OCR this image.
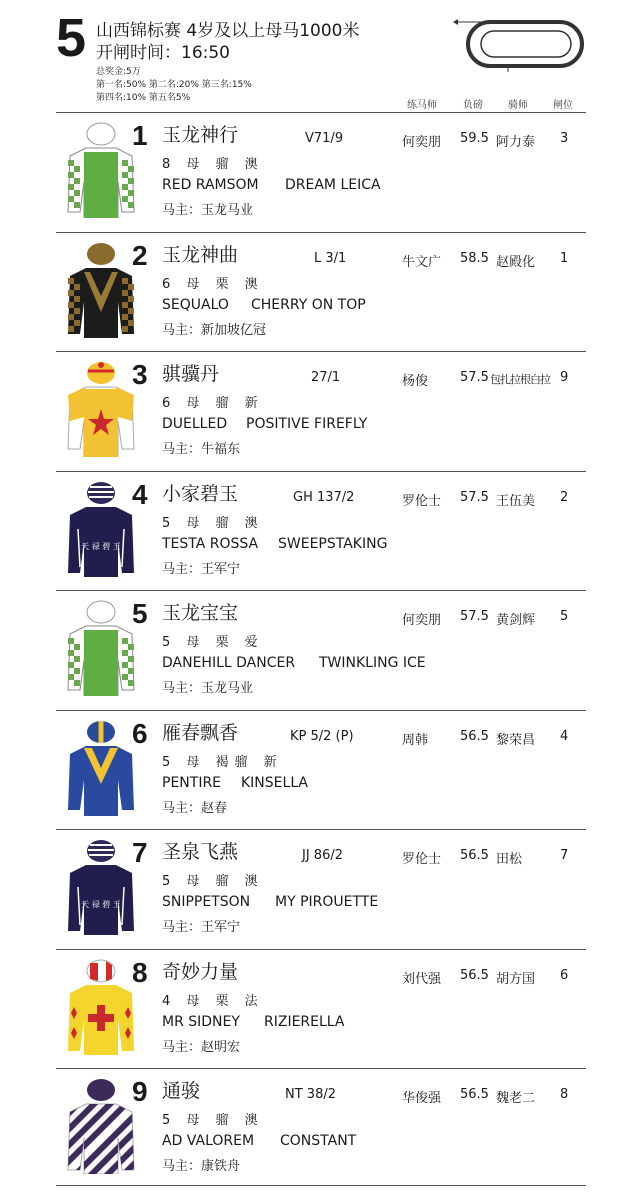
5 山西锦标赛 4岁及以上母马1000米
开闸时间：16:50
总奖金:5万
第一名:50% 第二名:20% 第三名:15%
第四名:10% 第五名5%
练马师	负磅	骑师	闸位
1 玉龙神行
8 母 骝 澳
RED RAMSOM DREAM LEICA
马主：玉龙马业
V71/9	何奕朋 59.5 阿力泰 3
2 玉龙神曲
6 母 栗 澳
SEQUALO CHERRY ON TOP
马主：新加坡亿冠
L 3/1	牛文广 58.5 赵殿化 1
3 骐骥丹
6 母 骝 新
DUELLED POSITIVE FIREFLY
马主：牛福东
27/1	杨俊 57.5 包扎拉根白拉 9
天 禄 碧 玉
4 小家碧玉
5 母 骝 澳
TESTA ROSSA SWEEPSTAKING
马主：王军宁
GH 137/2	罗伦士 57.5 王伍美 2
5 玉龙宝宝
5 母 栗 爱
DANEHILL DANCER TWINKLING ICE
马主：玉龙马业
何奕朋 57.5 黄剑辉 5
6 雁春飘香
5 母 褐骝 新
PENTIRE KINSELLA
马主：赵春
KP 5/2 (P)	周韩 56.5 黎荣昌 4
天 禄 碧 玉
7 圣泉飞燕
5 母 骝 澳
SNIPPETSON MY PIROUETTE
马主：王军宁
JJ 86/2	罗伦士 56.5 田松	7
8 奇妙力量
4 母 栗 法
MR SIDNEY RIZIERELLA
马主：赵明宏
刘代强 56.5 胡方国 6
9 通骏
5 母 骝 澳
AD VALOREM CONSTANT
马主：康铁舟
NT 38/2	华俊强 56.5 魏老二 8
